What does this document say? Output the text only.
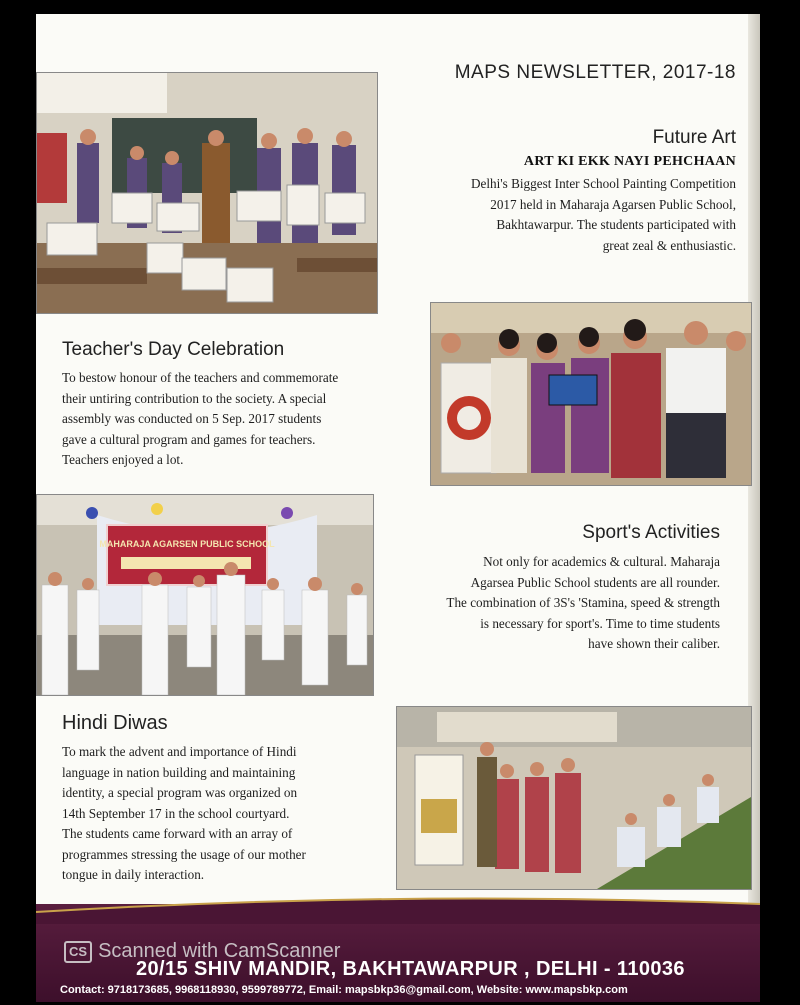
MAPS NEWSLETTER, 2017-18
Future Art
ART KI EKK NAYI PEHCHAAN
Delhi's Biggest Inter School Painting Competition
2017 held in Maharaja Agarsen Public School,
Bakhtawarpur. The students participated with
great zeal & enthusiastic.
Teacher's Day Celebration
To bestow honour of the teachers and commemorate
their untiring contribution to the society. A special
assembly was conducted on 5 Sep. 2017 students
gave a cultural program and games for teachers.
Teachers enjoyed a lot.
MAHARAJA AGARSEN PUBLIC SCHOOL
Sport's Activities
Not only for academics & cultural. Maharaja
Agarsea Public School students are all rounder.
The combination of 3S's 'Stamina, speed & strength
is necessary for sport's. Time to time students
have shown their caliber.
Hindi Diwas
To mark the advent and importance of Hindi
language in nation building and maintaining
identity, a special program was organized on
14th September 17 in the school courtyard.
The students came forward with an array of
programmes stressing the usage of our mother
tongue in daily interaction.
20/15 SHIV MANDIR, BAKHTAWARPUR , DELHI - 110036
Contact: 9718173685, 9968118930, 9599789772, Email: mapsbkp36@gmail.com, Website: www.mapsbkp.com
CS Scanned with CamScanner
